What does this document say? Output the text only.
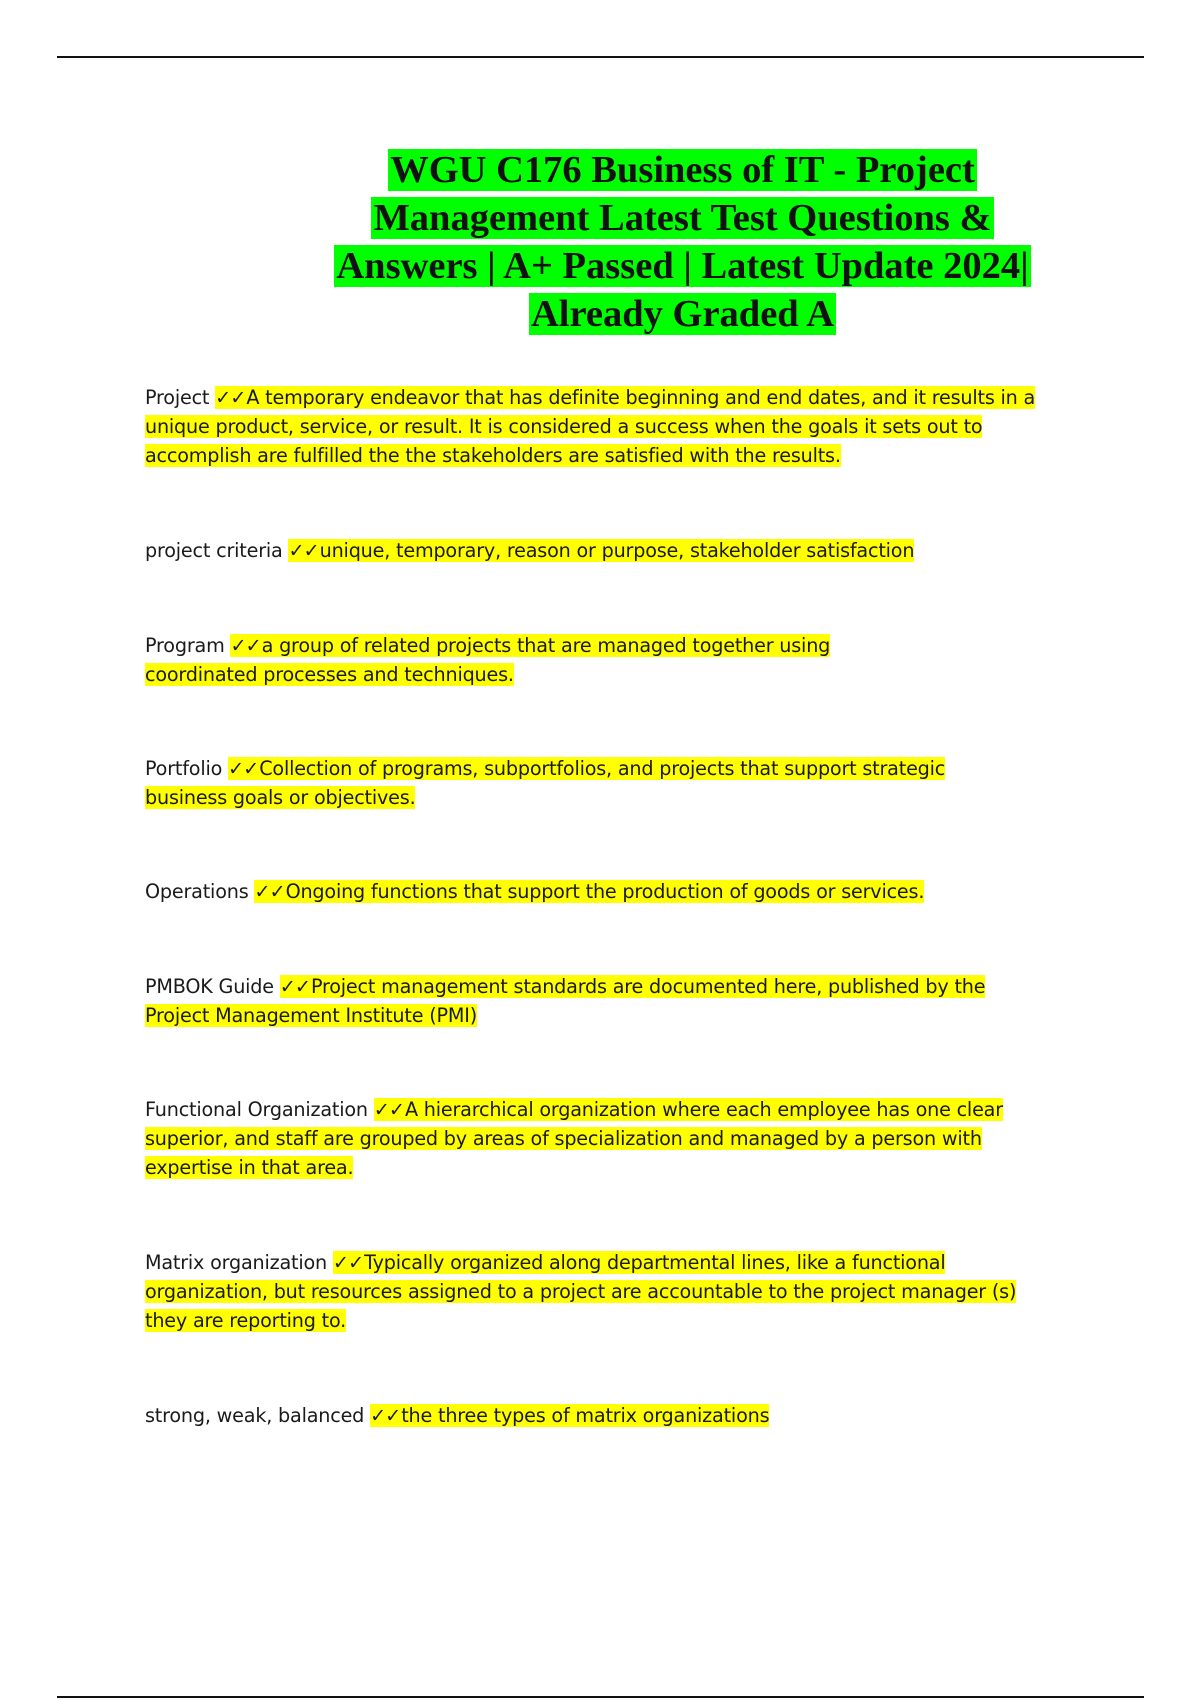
WGU C176 Business of IT - Project Management Latest Test Questions & Answers | A+ Passed | Latest Update 2024| Already Graded A
Project ✓✓A temporary endeavor that has definite beginning and end dates, and it results in a unique product, service, or result. It is considered a success when the goals it sets out to accomplish are fulfilled the the stakeholders are satisfied with the results.
project criteria ✓✓unique, temporary, reason or purpose, stakeholder satisfaction
Program ✓✓a group of related projects that are managed together using coordinated processes and techniques.
Portfolio ✓✓Collection of programs, subportfolios, and projects that support strategic business goals or objectives.
Operations ✓✓Ongoing functions that support the production of goods or services.
PMBOK Guide ✓✓Project management standards are documented here, published by the Project Management Institute (PMI)
Functional Organization ✓✓A hierarchical organization where each employee has one clear superior, and staff are grouped by areas of specialization and managed by a person with expertise in that area.
Matrix organization ✓✓Typically organized along departmental lines, like a functional organization, but resources assigned to a project are accountable to the project manager (s) they are reporting to.
strong, weak, balanced ✓✓the three types of matrix organizations
